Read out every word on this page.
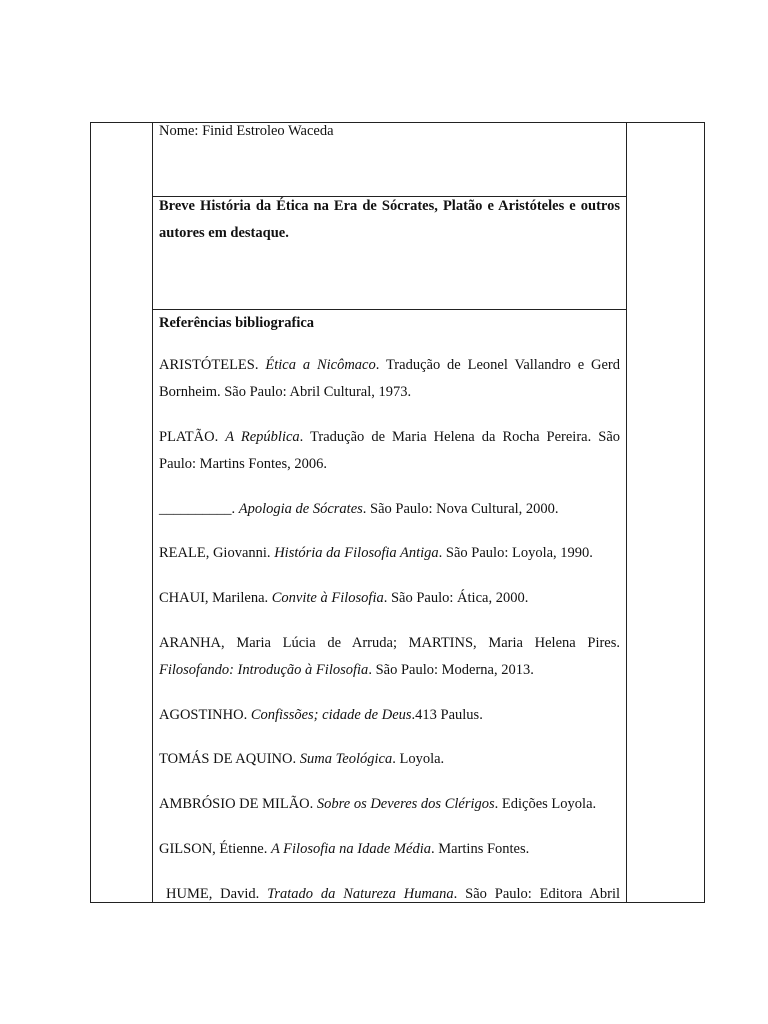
Nome: Finid Estroleo Waceda
Breve História da Ética na Era de Sócrates, Platão e Aristóteles e outros autores em destaque.
Referências bibliografica
ARISTÓTELES. Ética a Nicômaco. Tradução de Leonel Vallandro e Gerd Bornheim. São Paulo: Abril Cultural, 1973.
PLATÃO. A República. Tradução de Maria Helena da Rocha Pereira. São Paulo: Martins Fontes, 2006.
__________. Apologia de Sócrates. São Paulo: Nova Cultural, 2000.
REALE, Giovanni. História da Filosofia Antiga. São Paulo: Loyola, 1990.
CHAUI, Marilena. Convite à Filosofia. São Paulo: Ática, 2000.
ARANHA, Maria Lúcia de Arruda; MARTINS, Maria Helena Pires. Filosofando: Introdução à Filosofia. São Paulo: Moderna, 2013.
AGOSTINHO. Confissões; cidade de Deus.413 Paulus.
TOMÁS DE AQUINO. Suma Teológica. Loyola.
AMBRÓSIO DE MILÃO. Sobre os Deveres dos Clérigos. Edições Loyola.
GILSON, Étienne. A Filosofia na Idade Média. Martins Fontes.
HUME, David. Tratado da Natureza Humana. São Paulo: Editora Abril
